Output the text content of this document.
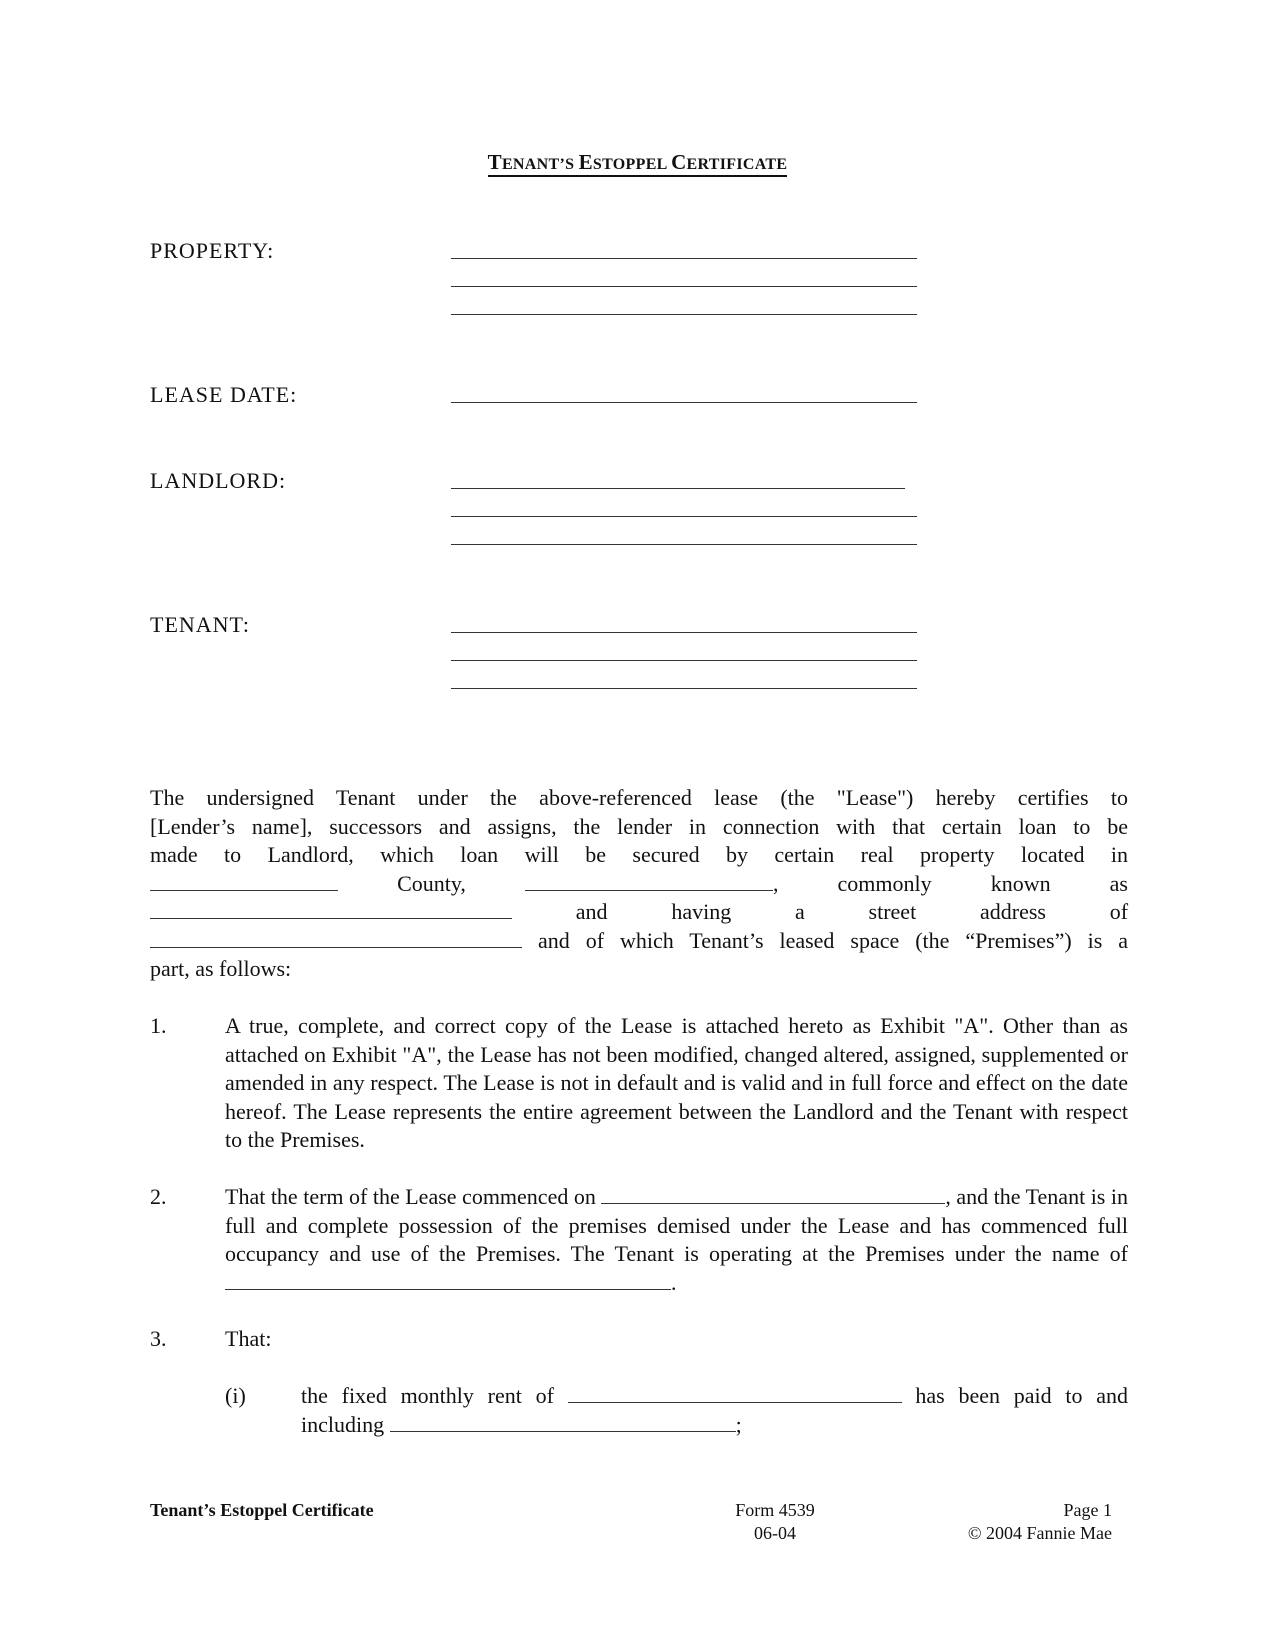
TENANT’S ESTOPPEL CERTIFICATE
PROPERTY:
LEASE DATE:
LANDLORD:
TENANT:
The undersigned Tenant under the above-referenced lease (the "Lease") hereby certifies to
[Lender’s name], successors and assigns, the lender in connection with that certain loan to be
made to Landlord, which loan will be secured by certain real property located in
County,	,	commonly	known	as
and	having	a	street	address	of
and of which Tenant’s leased space (the “Premises”) is a
part, as follows:
1.	A true, complete, and correct copy of the Lease is attached hereto as Exhibit "A". Other than as attached on Exhibit "A", the Lease has not been modified, changed altered, assigned, supplemented or amended in any respect. The Lease is not in default and is valid and in full force and effect on the date hereof. The Lease represents the entire agreement between the Landlord and the Tenant with respect to the Premises.
2.	That the term of the Lease commenced on	, and the Tenant is in full and complete possession of the premises demised under the Lease and has commenced full occupancy and use of the Premises. The Tenant is operating at the Premises under the name of .
3.	That:
(i)	the fixed monthly rent of	has been paid to and
including	;
Tenant’s Estoppel Certificate	Form 4539
06-04
Page 1
© 2004 Fannie Mae
